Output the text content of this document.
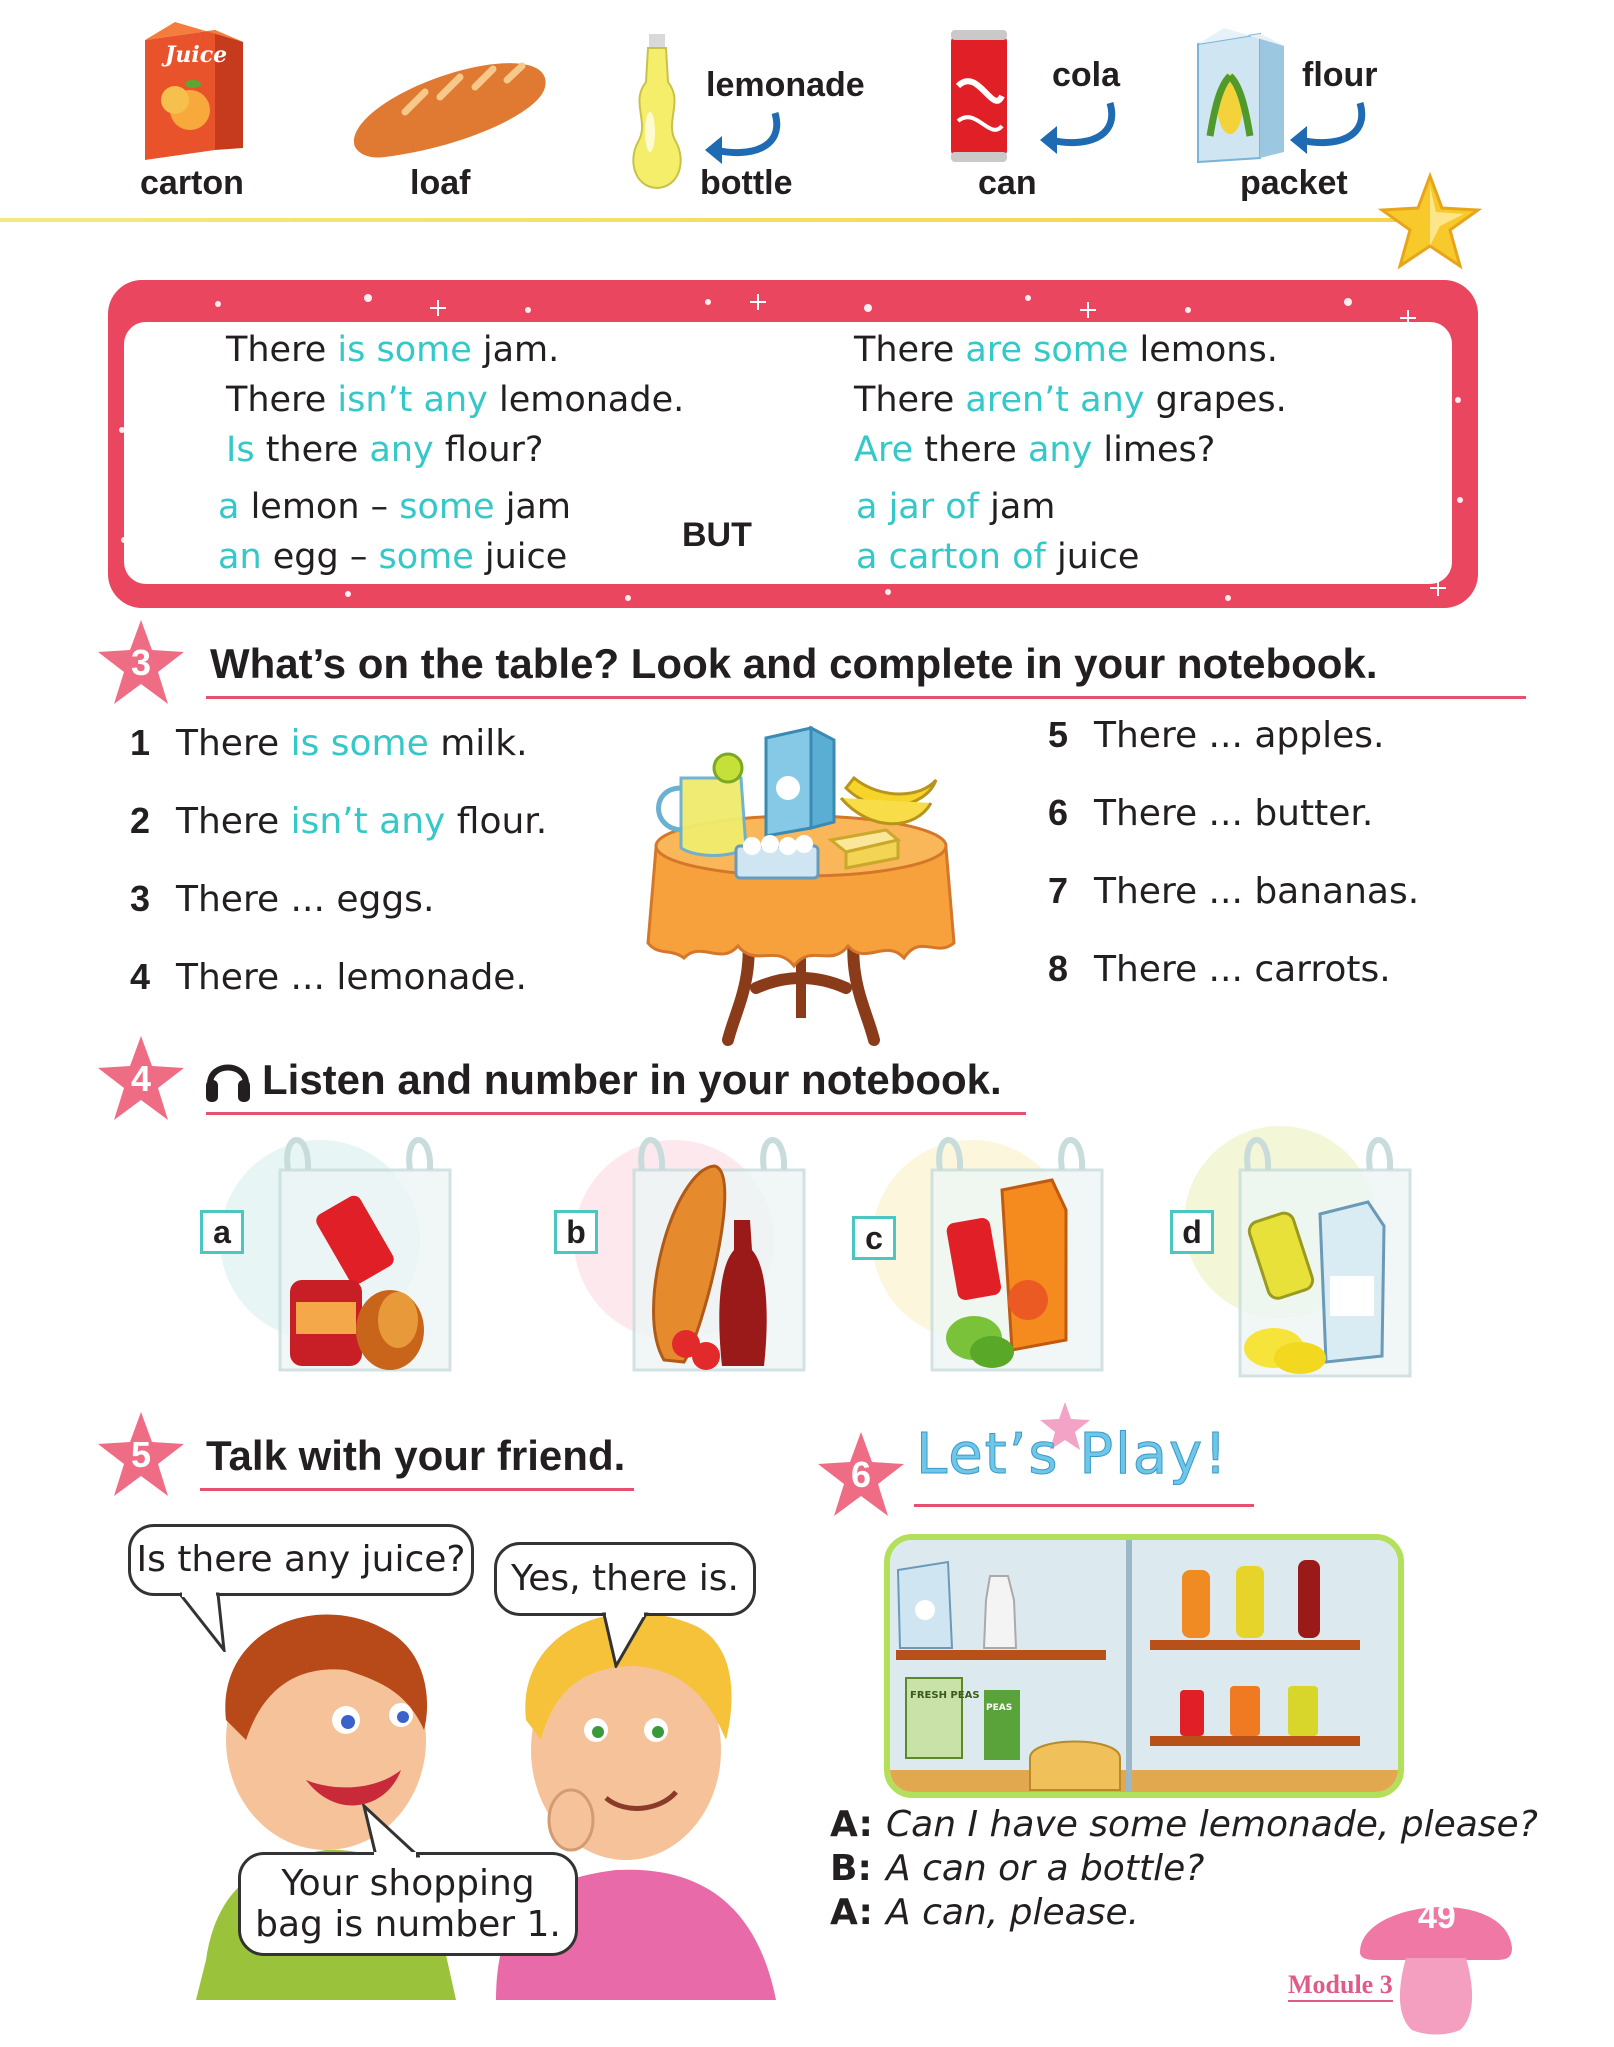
Juice
carton	loaf
lemonade
bottle
cola
can
flour
packet
There is some jam.
There isn’t any lemonade.
Is there any flour?
a lemon – some jam
an egg – some juice
BUT
There are some lemons.
There aren’t any grapes.
Are there any limes?
a jar of jam
a carton of juice
3	What’s on the table? Look and complete in your notebook.
1 There is some milk.
2 There isn’t any flour.
3 There ... eggs.
4 There ... lemonade.
5 There ... apples.
6 There ... butter.
7 There ... bananas.
8 There ... carrots.
4	Listen and number in your notebook.
a	b	c	d
5	Talk with your friend.
Is there any juice? Yes, there is.
Your shopping
bag is number 1.
6 Let’s Play!
FRESH PEAS
PEAS
A: Can I have some lemonade, please?
B: A can or a bottle?
A: A can, please.	49
Module 3
